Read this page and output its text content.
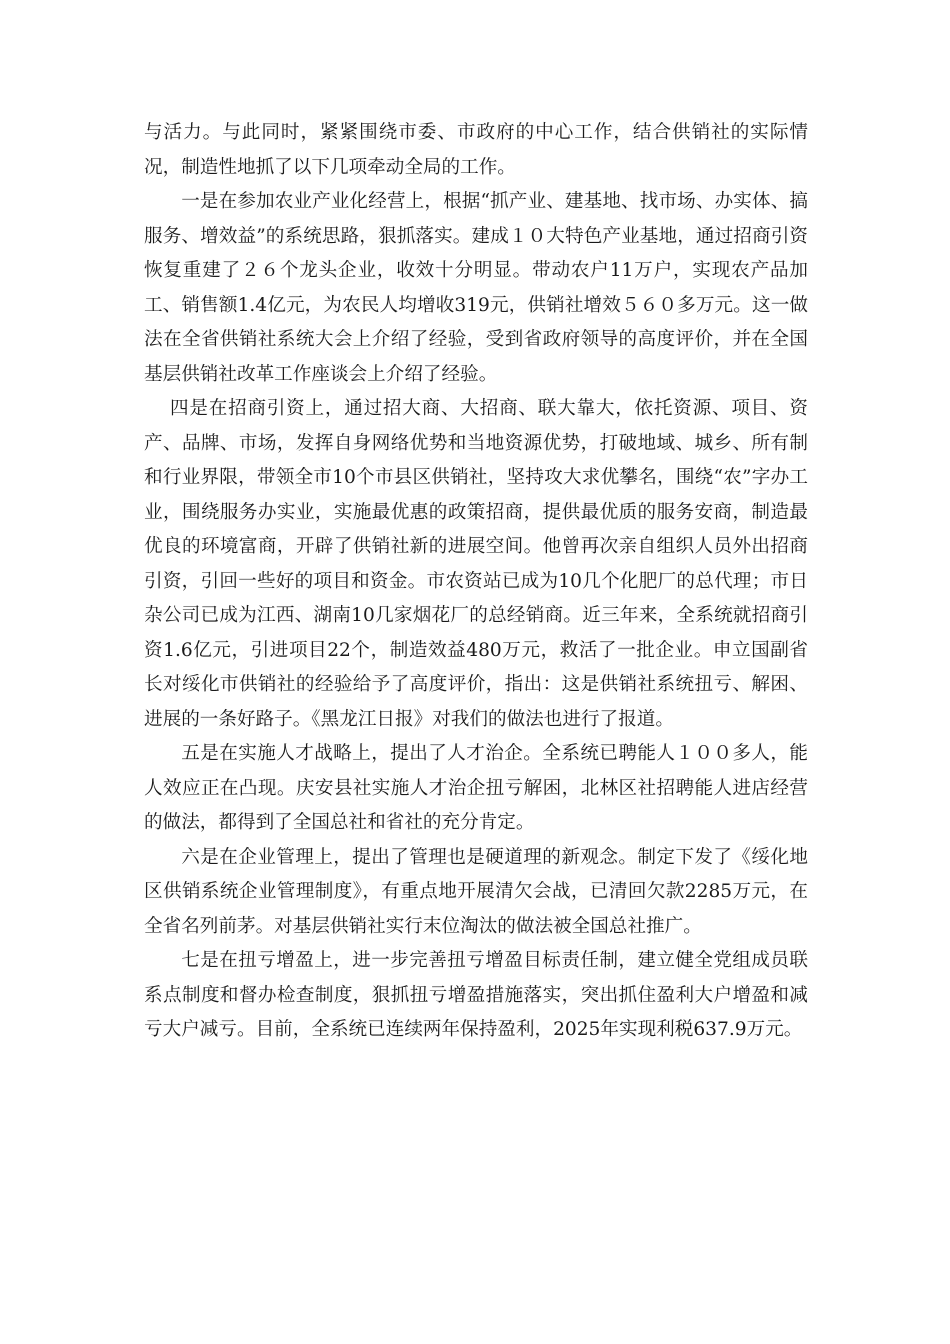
与活力。与此同时，紧紧围绕市委、市政府的中心工作，结合供销社的实际情况，制造性地抓了以下几项牵动全局的工作。

一是在参加农业产业化经营上，根据“抓产业、建基地、找市场、办实体、搞服务、增效益”的系统思路，狠抓落实。建成１０大特色产业基地，通过招商引资恢复重建了２６个龙头企业，收效十分明显。带动农户11万户，实现农产品加工、销售额1.4亿元，为农民人均增收319元，供销社增效５６０多万元。这一做法在全省供销社系统大会上介绍了经验，受到省政府领导的高度评价，并在全国基层供销社改革工作座谈会上介绍了经验。

四是在招商引资上，通过招大商、大招商、联大靠大，依托资源、项目、资产、品牌、市场，发挥自身网络优势和当地资源优势，打破地域、城乡、所有制和行业界限，带领全市10个市县区供销社，坚持攻大求优攀名，围绕“农”字办工业，围绕服务办实业，实施最优惠的政策招商，提供最优质的服务安商，制造最优良的环境富商，开辟了供销社新的进展空间。他曾再次亲自组织人员外出招商引资，引回一些好的项目和资金。市农资站已成为10几个化肥厂的总代理；市日杂公司已成为江西、湖南10几家烟花厂的总经销商。近三年来，全系统就招商引资1.6亿元，引进项目22个，制造效益480万元，救活了一批企业。申立国副省长对绥化市供销社的经验给予了高度评价，指出：这是供销社系统扭亏、解困、进展的一条好路子。《黑龙江日报》对我们的做法也进行了报道。

五是在实施人才战略上，提出了人才治企。全系统已聘能人１００多人，能人效应正在凸现。庆安县社实施人才治企扭亏解困，北林区社招聘能人进店经营的做法，都得到了全国总社和省社的充分肯定。

六是在企业管理上，提出了管理也是硬道理的新观念。制定下发了《绥化地区供销系统企业管理制度》，有重点地开展清欠会战，已清回欠款2285万元，在全省名列前茅。对基层供销社实行末位淘汰的做法被全国总社推广。

七是在扭亏增盈上，进一步完善扭亏增盈目标责任制，建立健全党组成员联系点制度和督办检查制度，狠抓扭亏增盈措施落实，突出抓住盈利大户增盈和减亏大户减亏。目前，全系统已连续两年保持盈利，2025年实现利税637.9万元。
